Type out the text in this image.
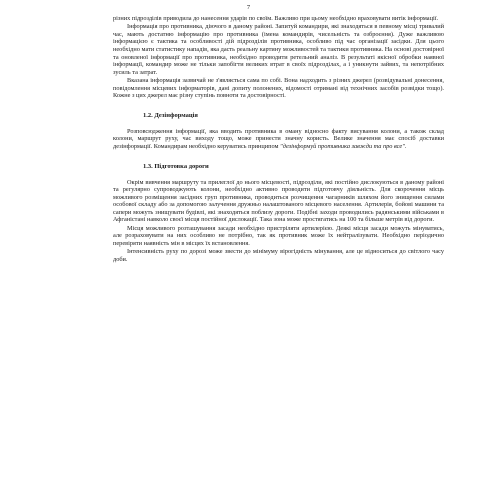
7

різних підрозділів приводила до нанесення ударів по своїм. Важливо при цьому необхідно враховувати витік інформації.

Інформація про противника, діючого в даному районі. Запитуй командири, які знаходяться в певному місці тривалий час, мають достатню інформацію про противника (імена командирів, чисельність та озброєння). Дуже важливою інформацією є тактика та особливості дій підрозділів противника, особливо під час організації засідки. Для цього необхідно мати статистику нападів, яка дасть реальну картину можливостей та тактики противника. На основі достовірної та оновленої інформації про противника, необхідно проводити ретельний аналіз. В результаті якісної обробки наявної інформації, командир може не тільки запобігти великих втрат в своїх підрозділах, а і уникнути зайвих, та непотрібних зусиль та затрат.

Вказана інформація зазвичай не з'являється сама по собі. Вона надходить з різних джерел (розвідувальні донесення, повідомлення місцевих інформаторів, дані допиту полонених, відомості отримані від технічних засобів розвідки тощо). Кожне з цих джерел має різну ступінь повноти та достовірності.

1.2. Дезінформація

Розповсюдження інформації, яка вводить противника в оману відносно факту висування колони, а також склад колони, маршрут руху, час виходу тощо, може принести значну користь. Велике значення має спосіб доставки дезінформації. Командирам необхідно керуватись принципом "дезінформуй противника завжди та про все".

1.3. Підготовка дороги

Окрім вивчення маршруту та прилеглої до нього місцевості, підрозділи, які постійно дислокуються в даному районі та регулярно супроводжують колони, необхідно активно проводити підготовчу діяльність. Для скорочення місць можливого розміщення засідних груп противника, проводиться розчищення чагарників шляхом його знищення силами особової складу або за допомогою залучення дружньо налаштованого місцевого населення. Артилерія, бойові машини та сапери можуть знищувати будівлі, які знаходяться поблизу дороги. Подібні заходи проводились радянськими військами в Афганістані навколо своєї місця постійної дислокації. Така зона може простягатись на 100 та більше метрів від дороги.

Місця можливого розташування засади необхідно пристріляти артилерією. Деякі місця засади можуть мінуватись, але розраховувати на них особливо не потрібно, так як противник може їх нейтралізувати. Необхідно періодично перевіряти наявність мін в місцях їх встановлення.

Інтенсивність руху по дорозі може звести до мінімуму вірогідність мінування, але це відноситься до світлого часу доби.
